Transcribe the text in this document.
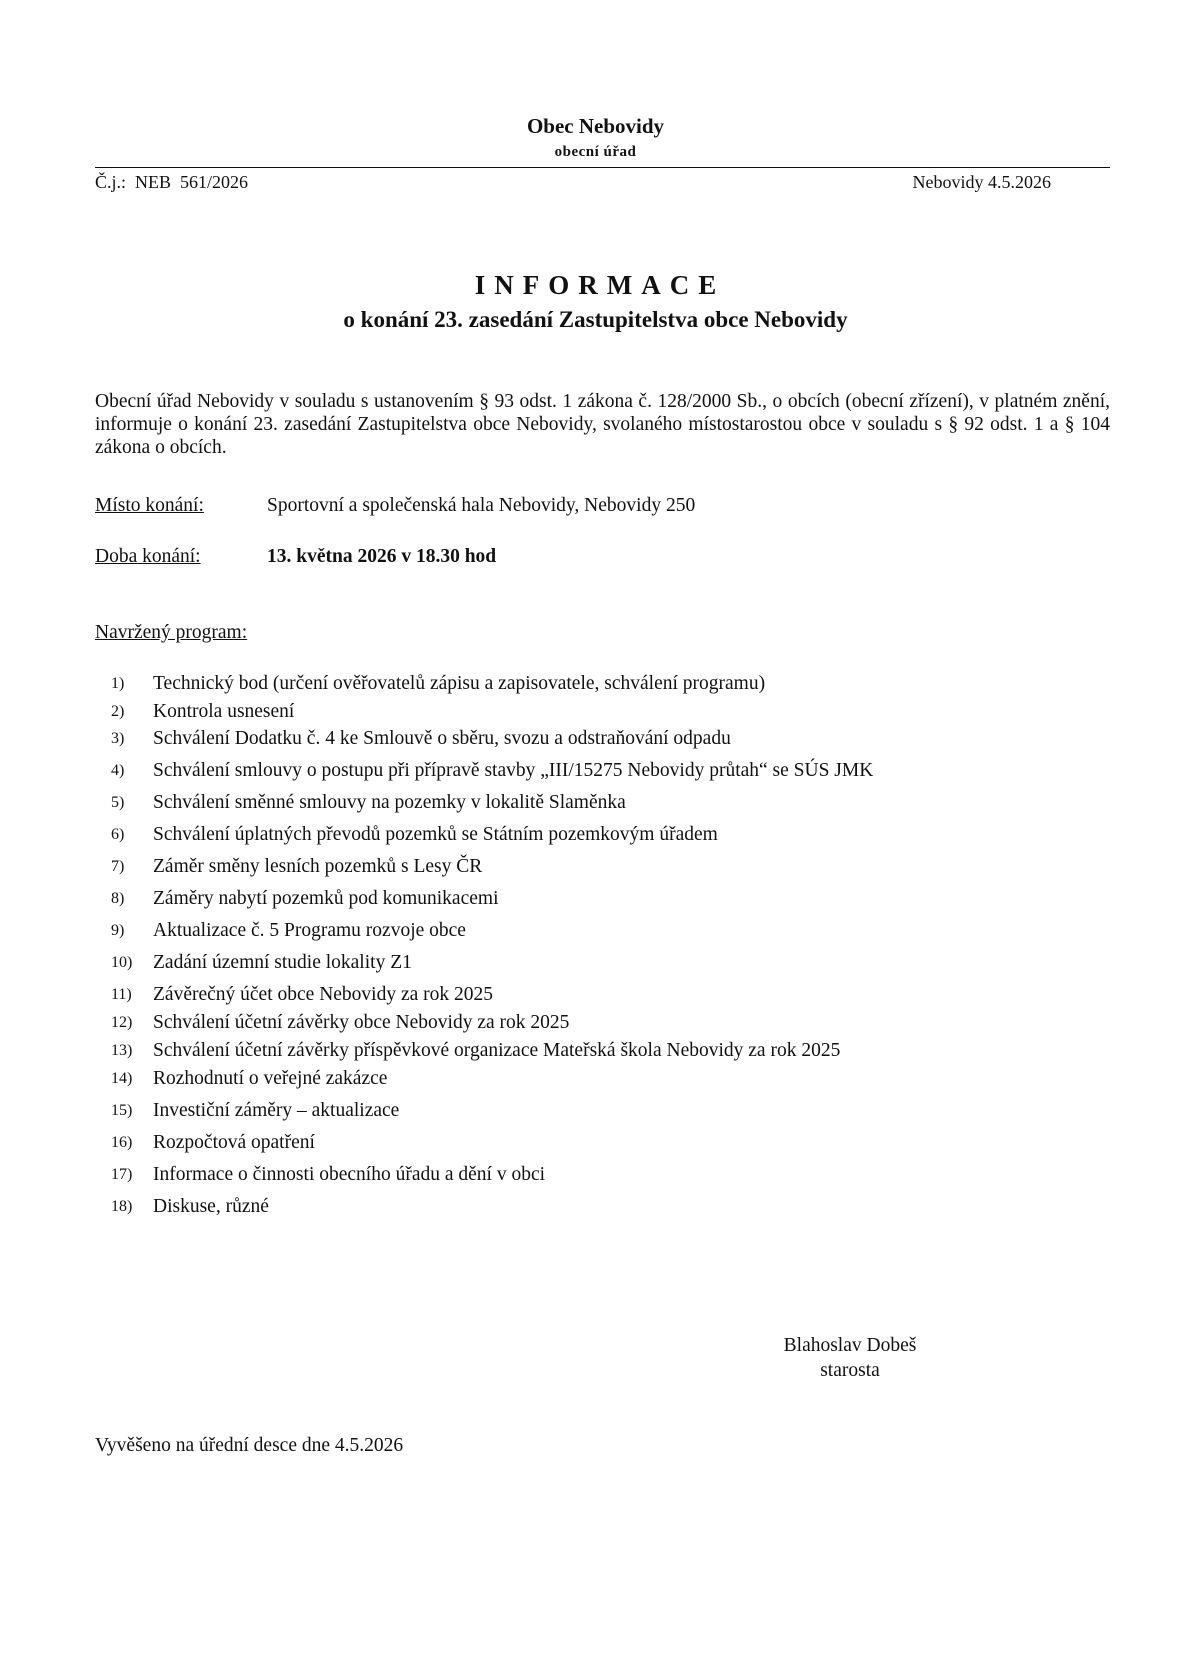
Obec Nebovidy
obecní úřad
Č.j.:  NEB  561/2026	Nebovidy 4.5.2026
INFORMACE
o konání 23. zasedání Zastupitelstva obce Nebovidy
Obecní úřad Nebovidy v souladu s ustanovením § 93 odst. 1 zákona č. 128/2000 Sb., o obcích (obecní zřízení), v platném znění, informuje o konání 23. zasedání Zastupitelstva obce Nebovidy, svolaného místostarostou obce v souladu s § 92 odst. 1 a § 104 zákona o obcích.
Místo konání:	Sportovní a společenská hala Nebovidy, Nebovidy 250
Doba konání:	13. května 2026 v 18.30 hod
Navržený program:
1)	Technický bod (určení ověřovatelů zápisu a zapisovatele, schválení programu)
2)	Kontrola usnesení
3)	Schválení Dodatku č. 4 ke Smlouvě o sběru, svozu a odstraňování odpadu
4)	Schválení smlouvy o postupu při přípravě stavby „III/15275 Nebovidy průtah“ se SÚS JMK
5)	Schválení směnné smlouvy na pozemky v lokalitě Slaměnka
6)	Schválení úplatných převodů pozemků se Státním pozemkovým úřadem
7)	Záměr směny lesních pozemků s Lesy ČR
8)	Záměry nabytí pozemků pod komunikacemi
9)	Aktualizace č. 5 Programu rozvoje obce
10)	Zadání územní studie lokality Z1
11)	Závěrečný účet obce Nebovidy za rok 2025
12)	Schválení účetní závěrky obce Nebovidy za rok 2025
13)	Schválení účetní závěrky příspěvkové organizace Mateřská škola Nebovidy za rok 2025
14)	Rozhodnutí o veřejné zakázce
15)	Investiční záměry – aktualizace
16)	Rozpočtová opatření
17)	Informace o činnosti obecního úřadu a dění v obci
18)	Diskuse, různé
Blahoslav Dobeš
starosta
Vyvěšeno na úřední desce dne 4.5.2026
